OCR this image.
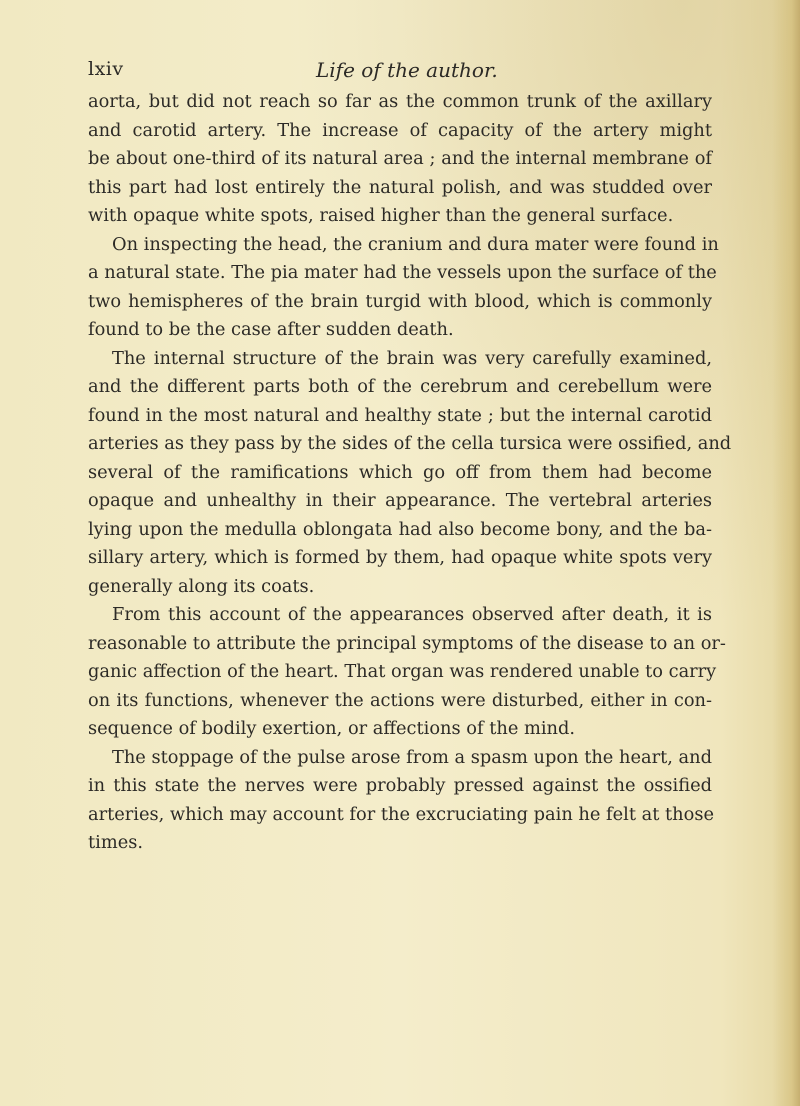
lxiv	Life of the author.
aorta, but did not reach so far as the common trunk of the axillary
and carotid artery. The increase of capacity of the artery might
be about one-third of its natural area ; and the internal membrane of
this part had lost entirely the natural polish, and was studded over
with opaque white spots, raised higher than the general surface.
On inspecting the head, the cranium and dura mater were found in
a natural state. The pia mater had the vessels upon the surface of the
two hemispheres of the brain turgid with blood, which is commonly
found to be the case after sudden death.
The internal structure of the brain was very carefully examined,
and the different parts both of the cerebrum and cerebellum were
found in the most natural and healthy state ; but the internal carotid
arteries as they pass by the sides of the cella tursica were ossified, and
several of the ramifications which go off from them had become
opaque and unhealthy in their appearance. The vertebral arteries
lying upon the medulla oblongata had also become bony, and the ba-
sillary artery, which is formed by them, had opaque white spots very
generally along its coats.
From this account of the appearances observed after death, it is
reasonable to attribute the principal symptoms of the disease to an or-
ganic affection of the heart. That organ was rendered unable to carry
on its functions, whenever the actions were disturbed, either in con-
sequence of bodily exertion, or affections of the mind.
The stoppage of the pulse arose from a spasm upon the heart, and
in this state the nerves were probably pressed against the ossified
arteries, which may account for the excruciating pain he felt at those
times.
